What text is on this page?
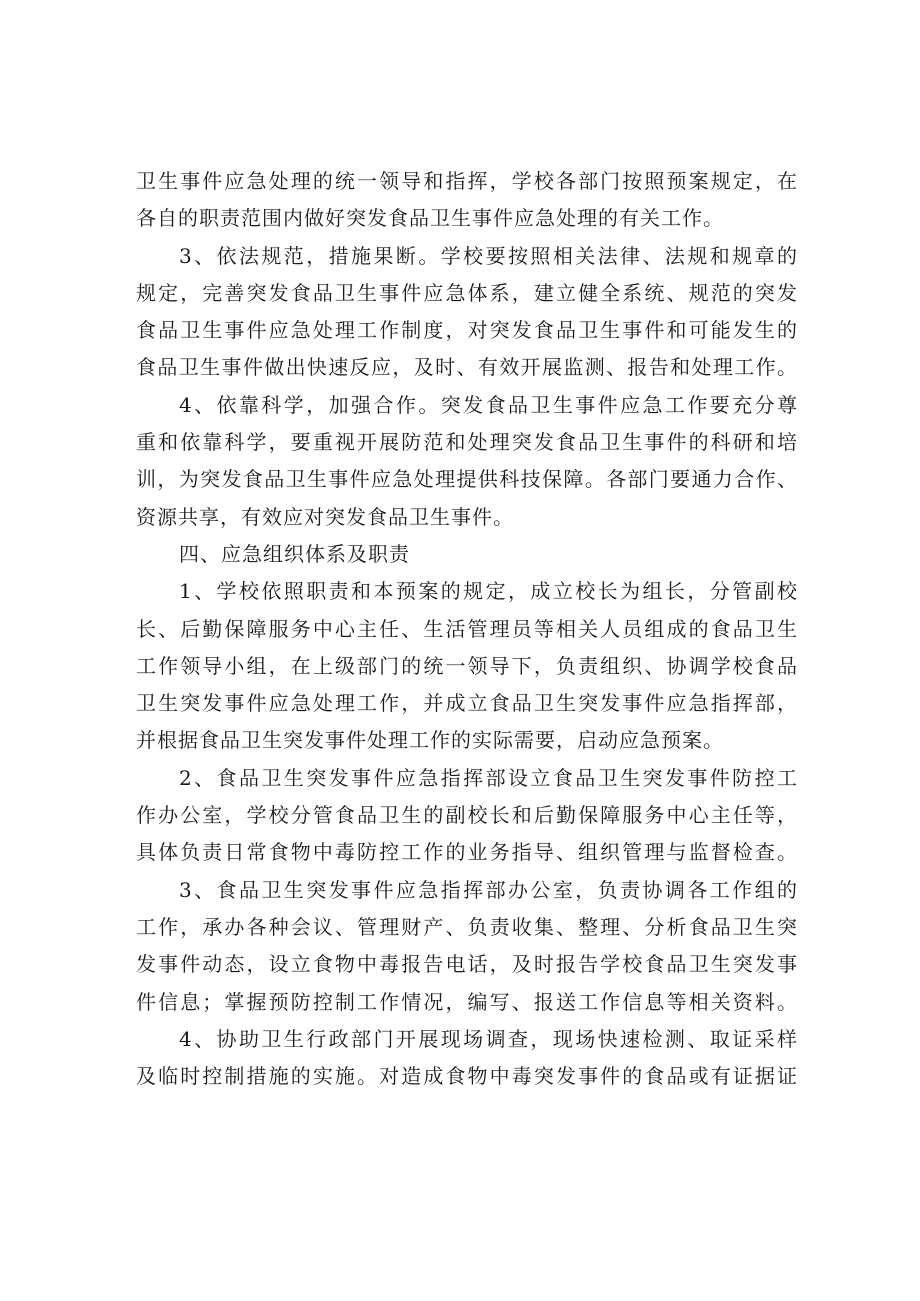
卫生事件应急处理的统一领导和指挥，学校各部门按照预案规定，在
各自的职责范围内做好突发食品卫生事件应急处理的有关工作。
3、依法规范，措施果断。学校要按照相关法律、法规和规章的
规定，完善突发食品卫生事件应急体系，建立健全系统、规范的突发
食品卫生事件应急处理工作制度，对突发食品卫生事件和可能发生的
食品卫生事件做出快速反应，及时、有效开展监测、报告和处理工作。
4、依靠科学，加强合作。突发食品卫生事件应急工作要充分尊
重和依靠科学，要重视开展防范和处理突发食品卫生事件的科研和培
训，为突发食品卫生事件应急处理提供科技保障。各部门要通力合作、
资源共享，有效应对突发食品卫生事件。
四、应急组织体系及职责
1、学校依照职责和本预案的规定，成立校长为组长，分管副校
长、后勤保障服务中心主任、生活管理员等相关人员组成的食品卫生
工作领导小组，在上级部门的统一领导下，负责组织、协调学校食品
卫生突发事件应急处理工作，并成立食品卫生突发事件应急指挥部，
并根据食品卫生突发事件处理工作的实际需要，启动应急预案。
2、食品卫生突发事件应急指挥部设立食品卫生突发事件防控工
作办公室，学校分管食品卫生的副校长和后勤保障服务中心主任等，
具体负责日常食物中毒防控工作的业务指导、组织管理与监督检查。
3、食品卫生突发事件应急指挥部办公室，负责协调各工作组的
工作，承办各种会议、管理财产、负责收集、整理、分析食品卫生突
发事件动态，设立食物中毒报告电话，及时报告学校食品卫生突发事
件信息；掌握预防控制工作情况，编写、报送工作信息等相关资料。
4、协助卫生行政部门开展现场调查，现场快速检测、取证采样
及临时控制措施的实施。对造成食物中毒突发事件的食品或有证据证
